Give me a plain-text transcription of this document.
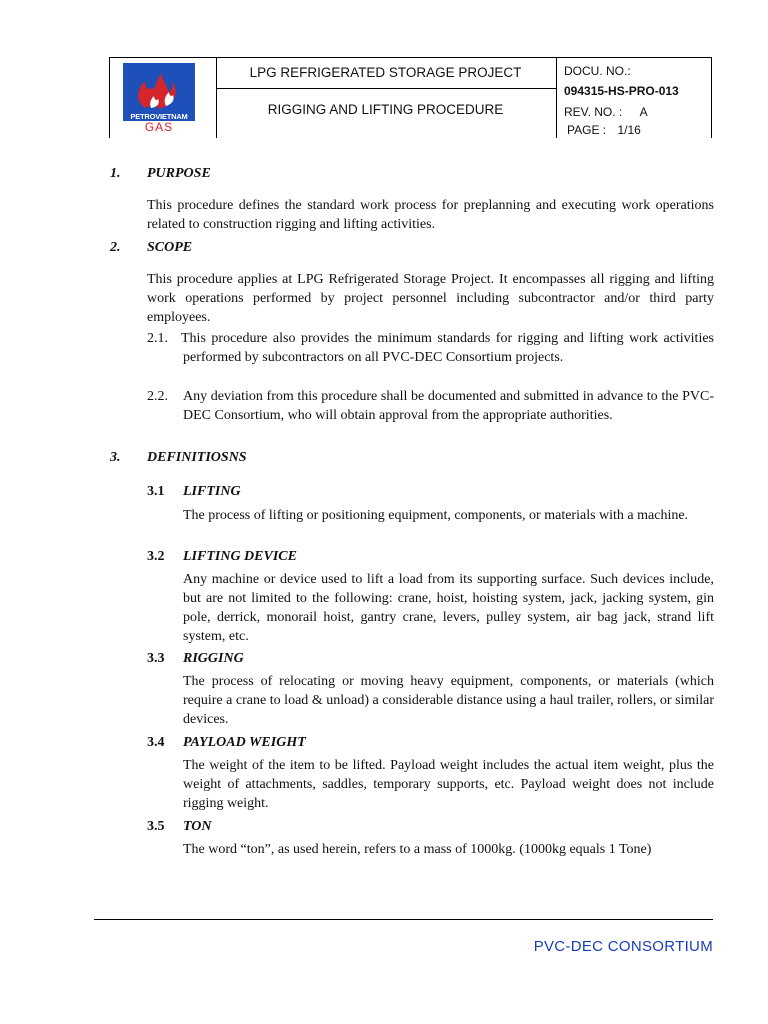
PETROVIETNAM
GAS
LPG REFRIGERATED STORAGE PROJECT
RIGGING AND LIFTING PROCEDURE
DOCU. NO.:
094315-HS-PRO-013
REV. NO. : A
PAGE : 1/16
1. PURPOSE
This procedure defines the standard work process for preplanning and executing work operations related to construction rigging and lifting activities.
2. SCOPE
This procedure applies at LPG Refrigerated Storage Project. It encompasses all rigging and lifting work operations performed by project personnel including subcontractor and/or third party employees.
2.1. This procedure also provides the minimum standards for rigging and lifting work activities performed by subcontractors on all PVC-DEC Consortium projects.
2.2.	Any deviation from this procedure shall be documented and submitted in advance to the PVC-DEC Consortium, who will obtain approval from the appropriate authorities.
3. DEFINITIOSNS
3.1 LIFTING
The process of lifting or positioning equipment, components, or materials with a machine.
3.2 LIFTING DEVICE
Any machine or device used to lift a load from its supporting surface. Such devices include, but are not limited to the following: crane, hoist, hoisting system, jack, jacking system, gin pole, derrick, monorail hoist, gantry crane, levers, pulley system, air bag jack, strand lift system, etc.
3.3 RIGGING
The process of relocating or moving heavy equipment, components, or materials (which require a crane to load & unload) a considerable distance using a haul trailer, rollers, or similar devices.
3.4 PAYLOAD WEIGHT
The weight of the item to be lifted. Payload weight includes the actual item weight, plus the weight of attachments, saddles, temporary supports, etc. Payload weight does not include rigging weight.
3.5 TON
The word “ton”, as used herein, refers to a mass of 1000kg. (1000kg equals 1 Tone)
PVC-DEC CONSORTIUM
